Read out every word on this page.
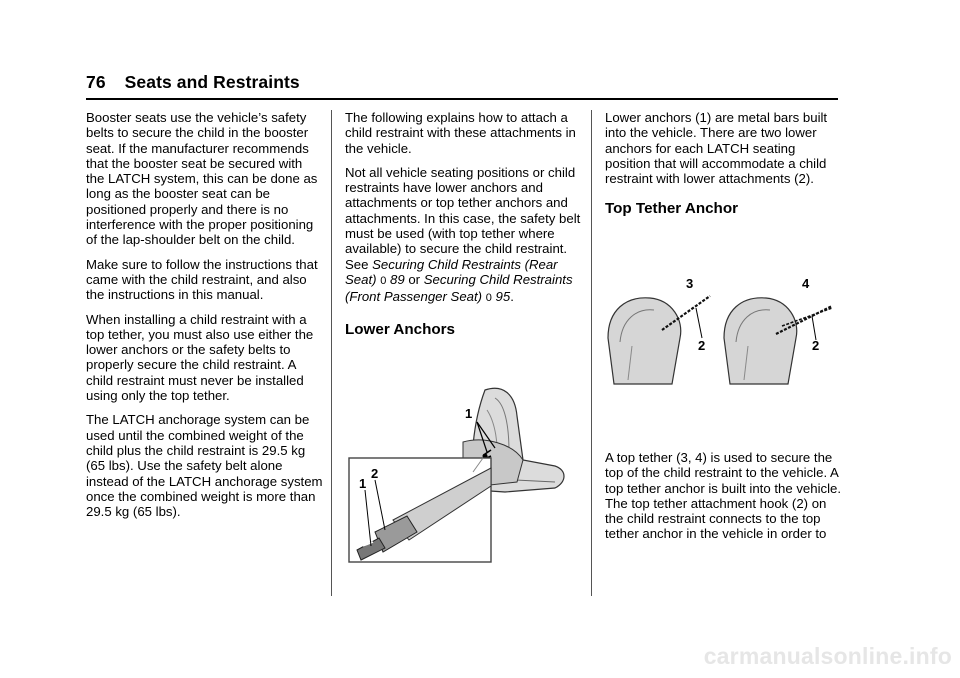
76 Seats and Restraints

Booster seats use the vehicle’s safety belts to secure the child in the booster seat. If the manufacturer recommends that the booster seat be secured with the LATCH system, this can be done as long as the booster seat can be positioned properly and there is no interference with the proper positioning of the lap-shoulder belt on the child.

Make sure to follow the instructions that came with the child restraint, and also the instructions in this manual.

When installing a child restraint with a top tether, you must also use either the lower anchors or the safety belts to properly secure the child restraint. A child restraint must never be installed using only the top tether.

The LATCH anchorage system can be used until the combined weight of the child plus the child restraint is 29.5 kg (65 lbs). Use the safety belt alone instead of the LATCH anchorage system once the combined weight is more than 29.5 kg (65 lbs).

The following explains how to attach a child restraint with these attachments in the vehicle.

Not all vehicle seating positions or child restraints have lower anchors and attachments or top tether anchors and attachments. In this case, the safety belt must be used (with top tether where available) to secure the child restraint. See Securing Child Restraints (Rear Seat) 0 89 or Securing Child Restraints (Front Passenger Seat) 0 95.

Lower Anchors

Lower anchors (1) are metal bars built into the vehicle. There are two lower anchors for each LATCH seating position that will accommodate a child restraint with lower attachments (2).

Top Tether Anchor

A top tether (3, 4) is used to secure the top of the child restraint to the vehicle. A top tether anchor is built into the vehicle. The top tether attachment hook (2) on the child restraint connects to the top tether anchor in the vehicle in order to

1
2
1
3
2
4
2
carmanualsonline.info
